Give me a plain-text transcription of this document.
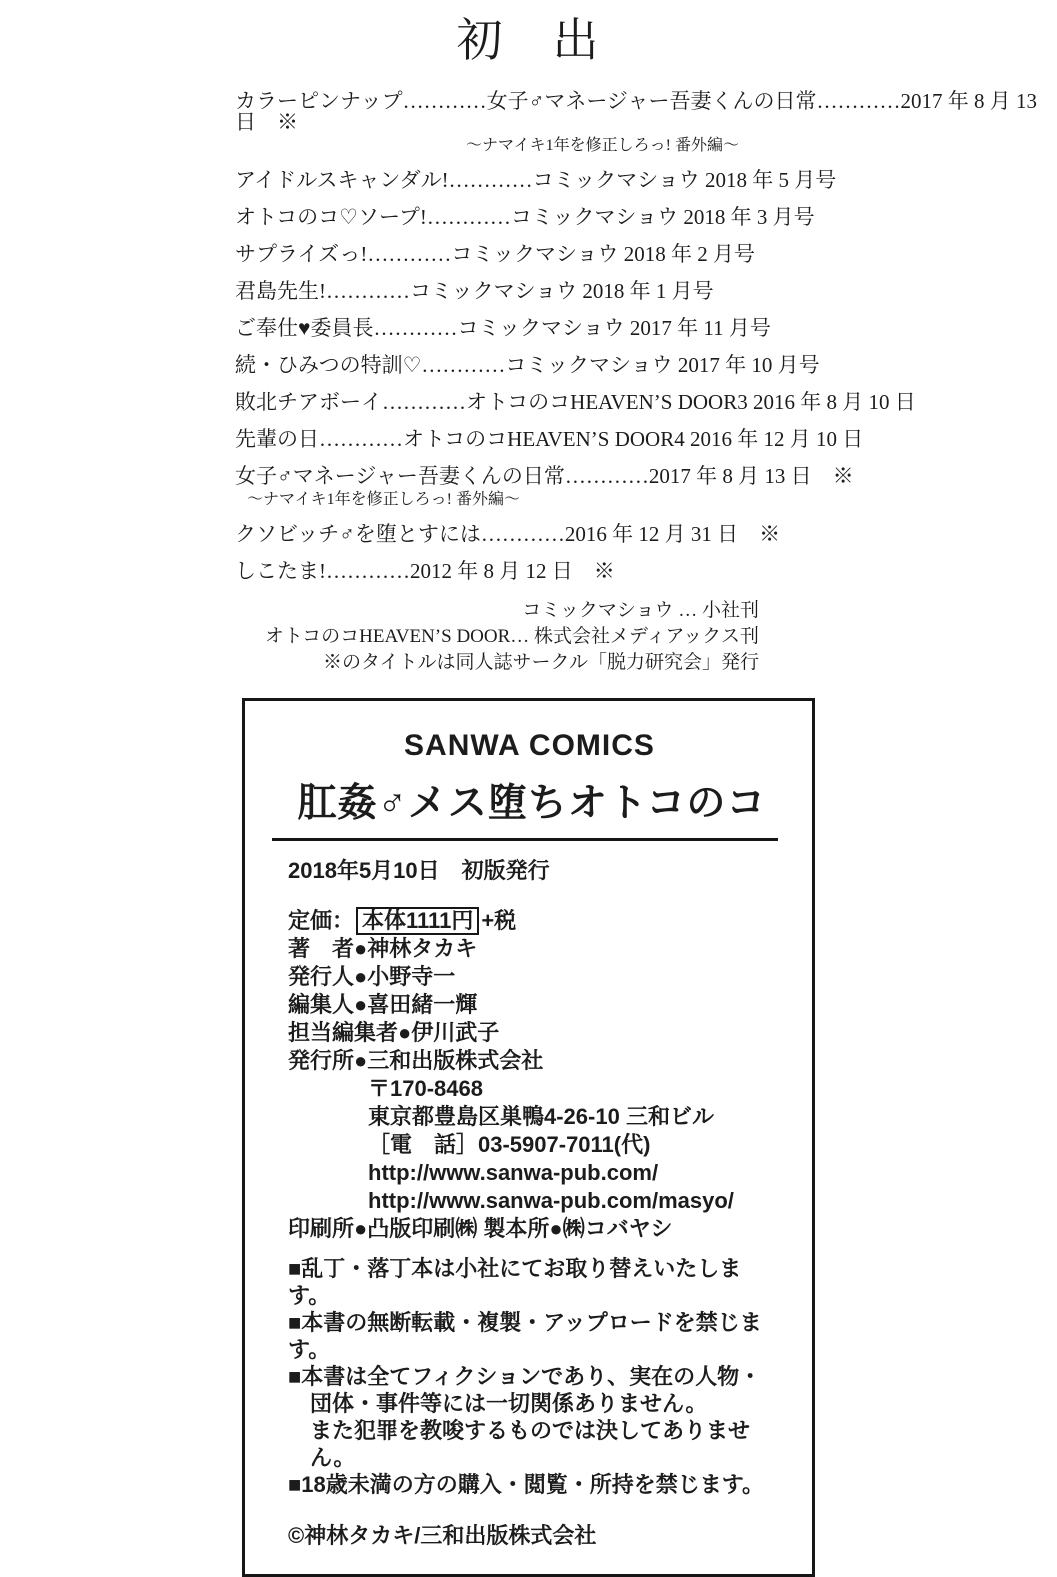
初　出
カラーピンナップ…………女子♂マネージャー吾妻くんの日常…………2017 年 8 月 13 日　※
～ナマイキ1年を修正しろっ! 番外編～
アイドルスキャンダル!…………コミックマショウ 2018 年 5 月号
オトコのコ♡ソープ!…………コミックマショウ 2018 年 3 月号
サプライズっ!…………コミックマショウ 2018 年 2 月号
君島先生!…………コミックマショウ 2018 年 1 月号
ご奉仕♥委員長…………コミックマショウ 2017 年 11 月号
続・ひみつの特訓♡…………コミックマショウ 2017 年 10 月号
敗北チアボーイ…………オトコのコHEAVEN’S DOOR3 2016 年 8 月 10 日
先輩の日…………オトコのコHEAVEN’S DOOR4 2016 年 12 月 10 日
女子♂マネージャー吾妻くんの日常…………2017 年 8 月 13 日　※
～ナマイキ1年を修正しろっ! 番外編～
クソビッチ♂を堕とすには…………2016 年 12 月 31 日　※
しこたま!…………2012 年 8 月 12 日　※
コミックマショウ … 小社刊
オトコのコHEAVEN’S DOOR… 株式会社メディアックス刊
※のタイトルは同人誌サークル「脱力研究会」発行
SANWA COMICS
肛姦♂メス堕ちオトコのコ
2018年5月10日　初版発行
定価： 本体1111円 +税
著　者●神林タカキ
発行人●小野寺一
編集人●喜田緒一輝
担当編集者●伊川武子
発行所●三和出版株式会社
〒170-8468
東京都豊島区巣鴨4-26-10 三和ビル
［電　話］03-5907-7011(代)
http://www.sanwa-pub.com/
http://www.sanwa-pub.com/masyo/
印刷所●凸版印刷㈱ 製本所●㈱コバヤシ
■乱丁・落丁本は小社にてお取り替えいたします。
■本書の無断転載・複製・アップロードを禁じます。
■本書は全てフィクションであり、実在の人物・
団体・事件等には一切関係ありません。
また犯罪を教唆するものでは決してありません。
■18歳未満の方の購入・閲覧・所持を禁じます。
©神林タカキ/三和出版株式会社
